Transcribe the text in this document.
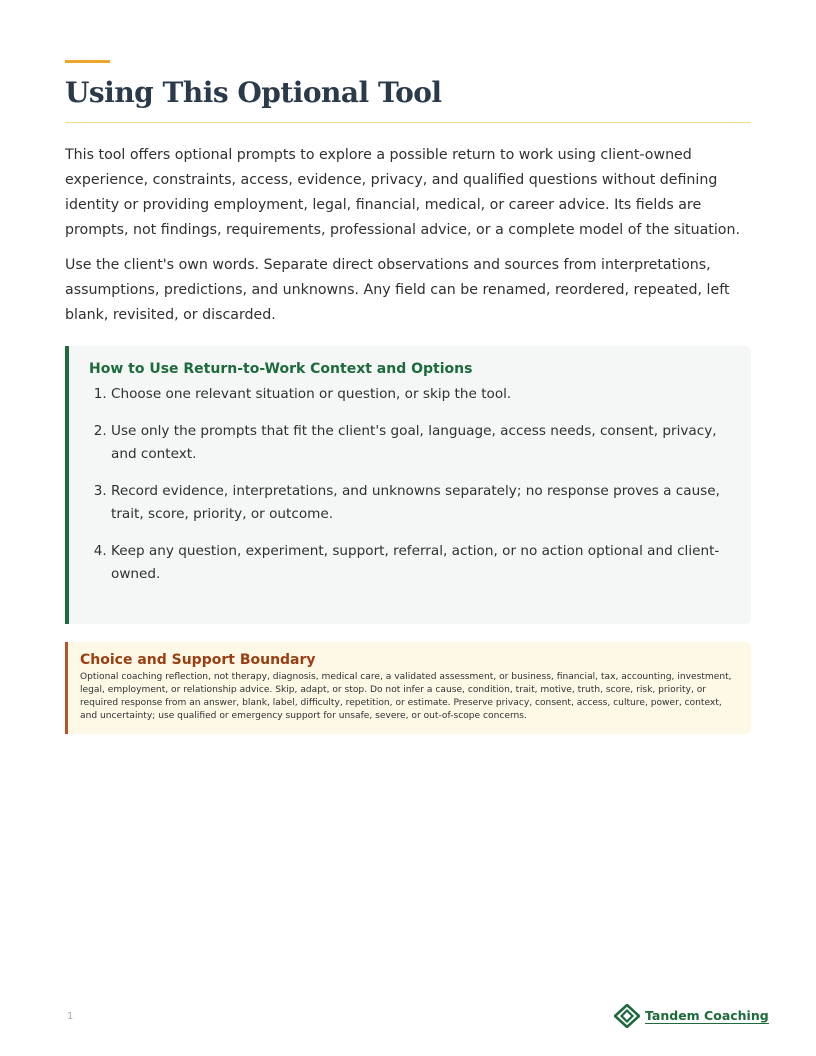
Using This Optional Tool

This tool offers optional prompts to explore a possible return to work using client-owned experience, constraints, access, evidence, privacy, and qualified questions without defining identity or providing employment, legal, financial, medical, or career advice. Its fields are prompts, not findings, requirements, professional advice, or a complete model of the situation.

Use the client's own words. Separate direct observations and sources from interpretations, assumptions, predictions, and unknowns. Any field can be renamed, reordered, repeated, left blank, revisited, or discarded.

How to Use Return-to-Work Context and Options
1. Choose one relevant situation or question, or skip the tool.
2. Use only the prompts that fit the client's goal, language, access needs, consent, privacy, and context.
3. Record evidence, interpretations, and unknowns separately; no response proves a cause, trait, score, priority, or outcome.
4. Keep any question, experiment, support, referral, action, or no action optional and client-owned.
Choice and Support Boundary

Optional coaching reflection, not therapy, diagnosis, medical care, a validated assessment, or business, financial, tax, accounting, investment, legal, employment, or relationship advice. Skip, adapt, or stop. Do not infer a cause, condition, trait, motive, truth, score, risk, priority, or required response from an answer, blank, label, difficulty, repetition, or estimate. Preserve privacy, consent, access, culture, power, context, and uncertainty; use qualified or emergency support for unsafe, severe, or out-of-scope concerns.

1	Tandem Coaching
